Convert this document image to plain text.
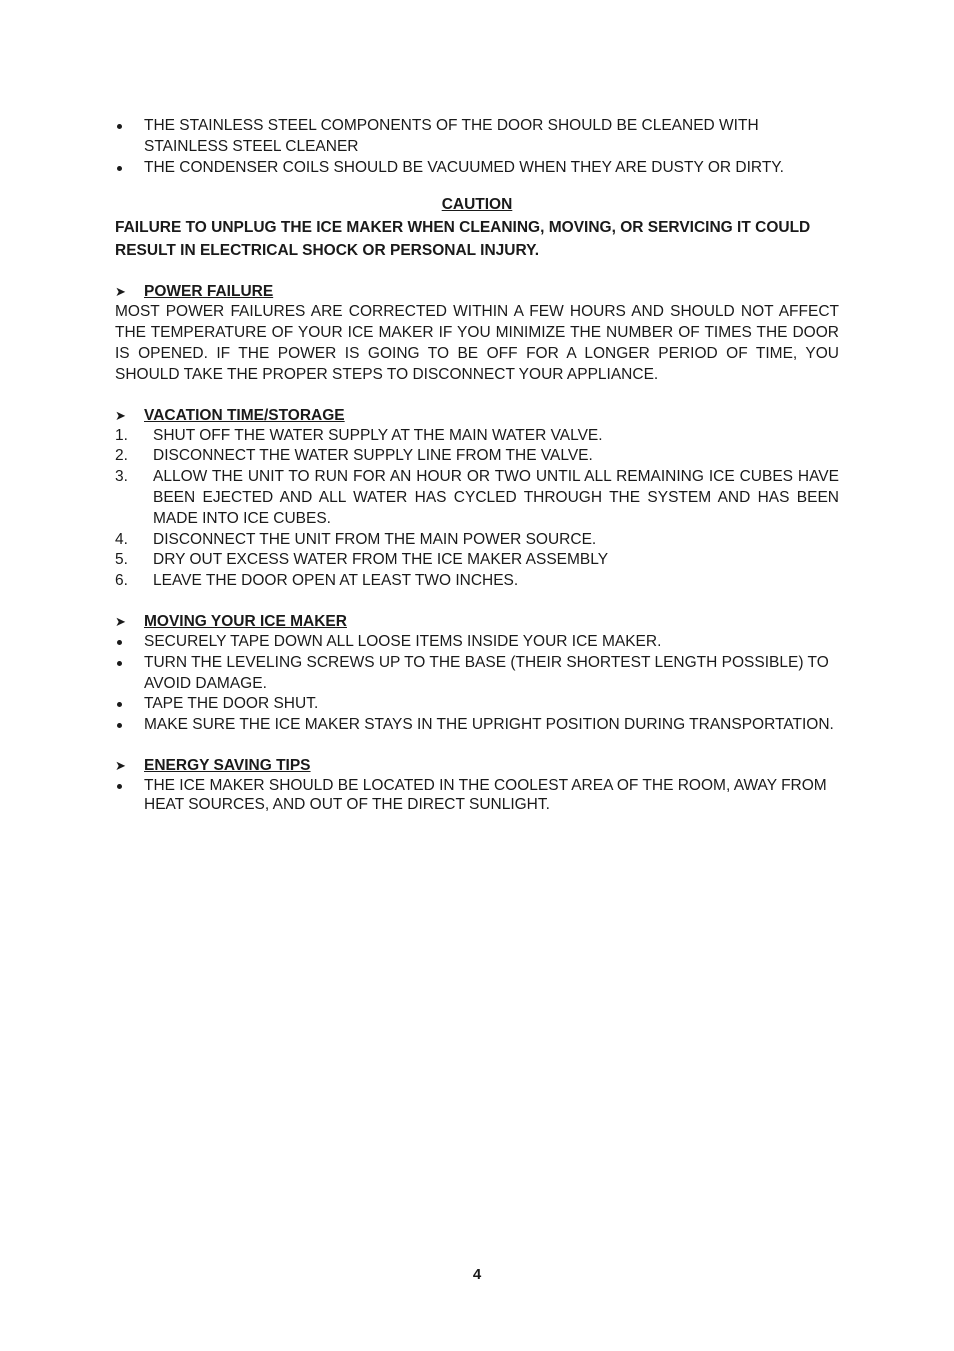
THE STAINLESS STEEL COMPONENTS OF THE DOOR SHOULD BE CLEANED WITH STAINLESS STEEL CLEANER
THE CONDENSER COILS SHOULD BE VACUUMED WHEN THEY ARE DUSTY OR DIRTY.
CAUTION
FAILURE TO UNPLUG THE ICE MAKER WHEN CLEANING, MOVING, OR SERVICING IT COULD RESULT IN ELECTRICAL SHOCK OR PERSONAL INJURY.
➤ POWER FAILURE
MOST POWER FAILURES ARE CORRECTED WITHIN A FEW HOURS AND SHOULD NOT AFFECT THE TEMPERATURE OF YOUR ICE MAKER IF YOU MINIMIZE THE NUMBER OF TIMES THE DOOR IS OPENED. IF THE POWER IS GOING TO BE OFF FOR A LONGER PERIOD OF TIME, YOU SHOULD TAKE THE PROPER STEPS TO DISCONNECT YOUR APPLIANCE.
➤ VACATION TIME/STORAGE
1. SHUT OFF THE WATER SUPPLY AT THE MAIN WATER VALVE.
2. DISCONNECT THE WATER SUPPLY LINE FROM THE VALVE.
3. ALLOW THE UNIT TO RUN FOR AN HOUR OR TWO UNTIL ALL REMAINING ICE CUBES HAVE BEEN EJECTED AND ALL WATER HAS CYCLED THROUGH THE SYSTEM AND HAS BEEN MADE INTO ICE CUBES.
4. DISCONNECT THE UNIT FROM THE MAIN POWER SOURCE.
5. DRY OUT EXCESS WATER FROM THE ICE MAKER ASSEMBLY
6. LEAVE THE DOOR OPEN AT LEAST TWO INCHES.
➤ MOVING YOUR ICE MAKER
SECURELY TAPE DOWN ALL LOOSE ITEMS INSIDE YOUR ICE MAKER.
TURN THE LEVELING SCREWS UP TO THE BASE (THEIR SHORTEST LENGTH POSSIBLE) TO AVOID DAMAGE.
TAPE THE DOOR SHUT.
MAKE SURE THE ICE MAKER STAYS IN THE UPRIGHT POSITION DURING TRANSPORTATION.
➤ ENERGY SAVING TIPS
THE ICE MAKER SHOULD BE LOCATED IN THE COOLEST AREA OF THE ROOM, AWAY FROM HEAT SOURCES, AND OUT OF THE DIRECT SUNLIGHT.
4
